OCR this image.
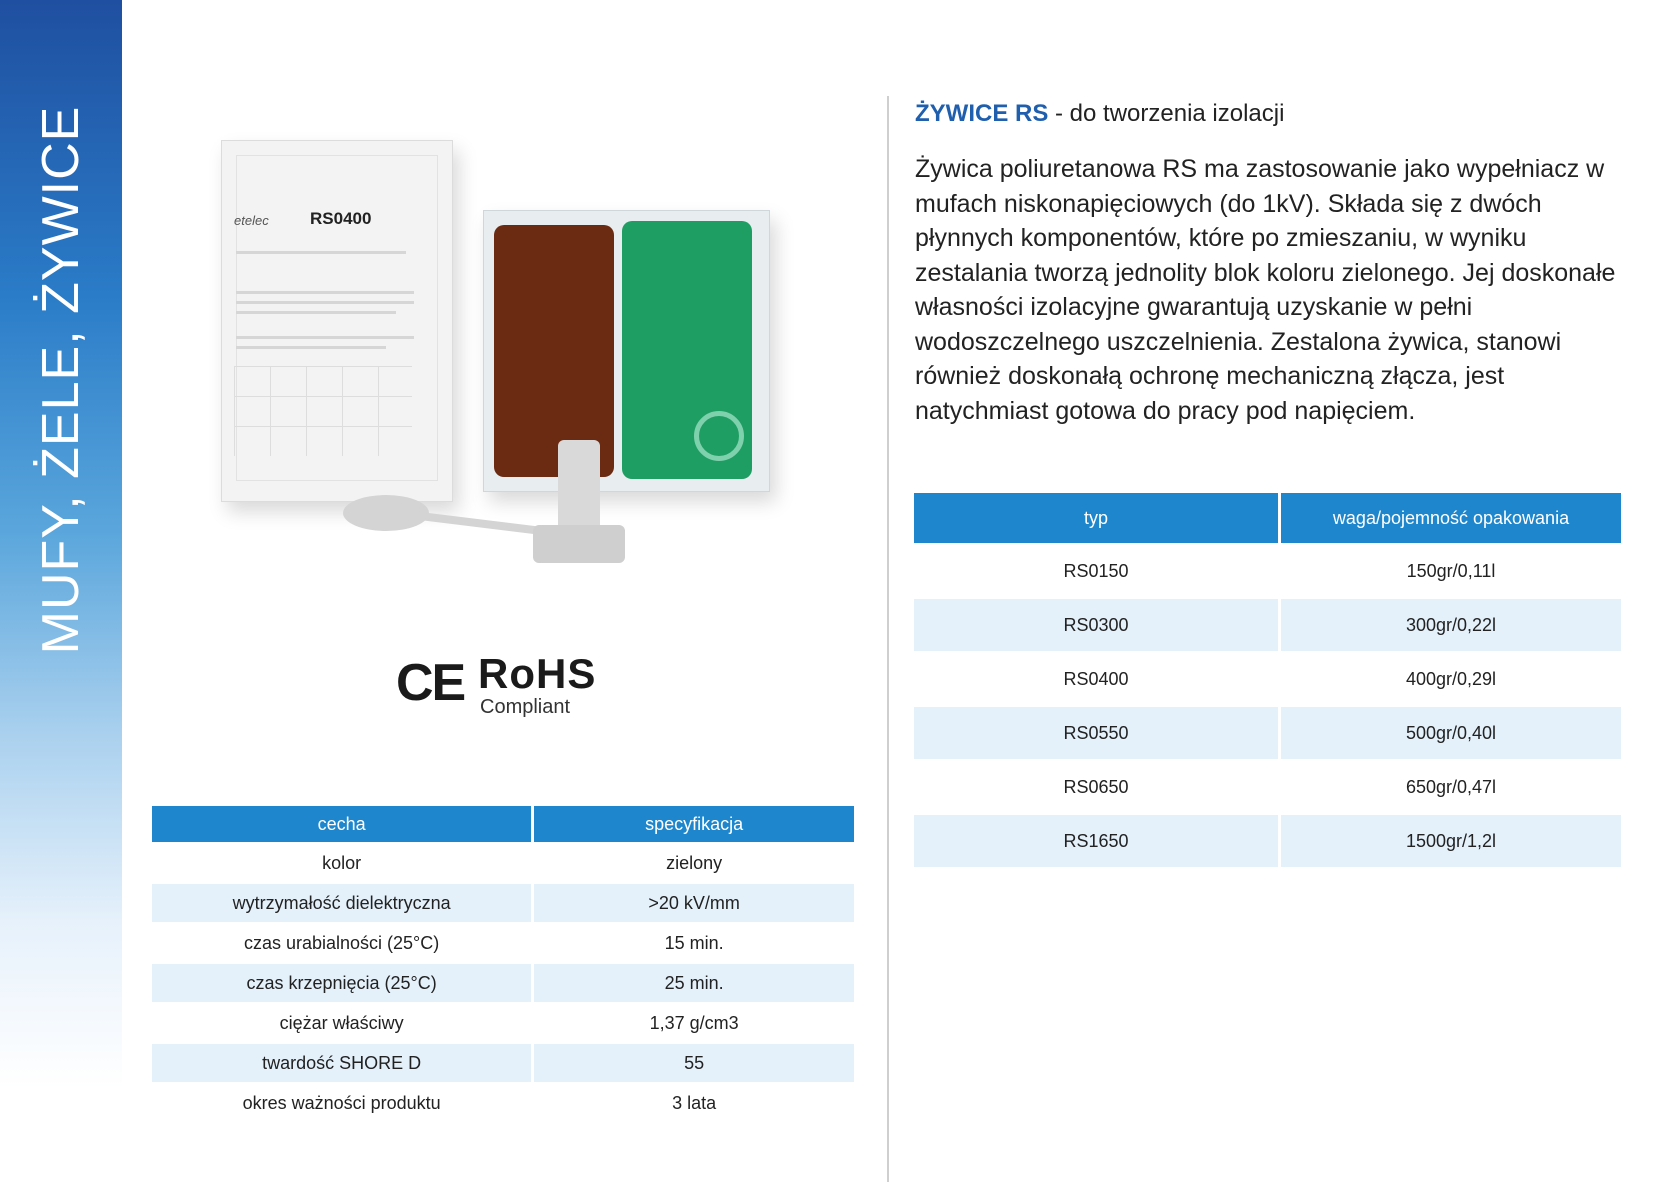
MUFY, ŻELE, ŻYWICE	etelec RS0400
CE RoHS
Compliant
ŻYWICE RS - do tworzenia izolacji

Żywica poliuretanowa RS ma zastosowanie jako wypełniacz w mufach niskonapięciowych (do 1kV). Składa się z dwóch płynnych komponentów, które po zmieszaniu, w wyniku zestalania tworzą jednolity blok koloru zielonego. Jej doskonałe własności izolacyjne gwarantują uzyskanie w pełni wodoszczelnego uszczelnienia. Zestalona żywica, stanowi również doskonałą ochronę mechaniczną złącza, jest natychmiast gotowa do pracy pod napięciem.

cecha	specyfikacja
kolor	zielony
wytrzymałość dielektryczna	>20 kV/mm
czas urabialności (25°C)	15 min.
czas krzepnięcia (25°C)	25 min.
ciężar właściwy	1,37 g/cm3
twardość SHORE D	55
okres ważności produktu	3 lata
typ	waga/pojemność opakowania
RS0150	150gr/0,11l
RS0300	300gr/0,22l
RS0400	400gr/0,29l
RS0550	500gr/0,40l
RS0650	650gr/0,47l
RS1650	1500gr/1,2l
